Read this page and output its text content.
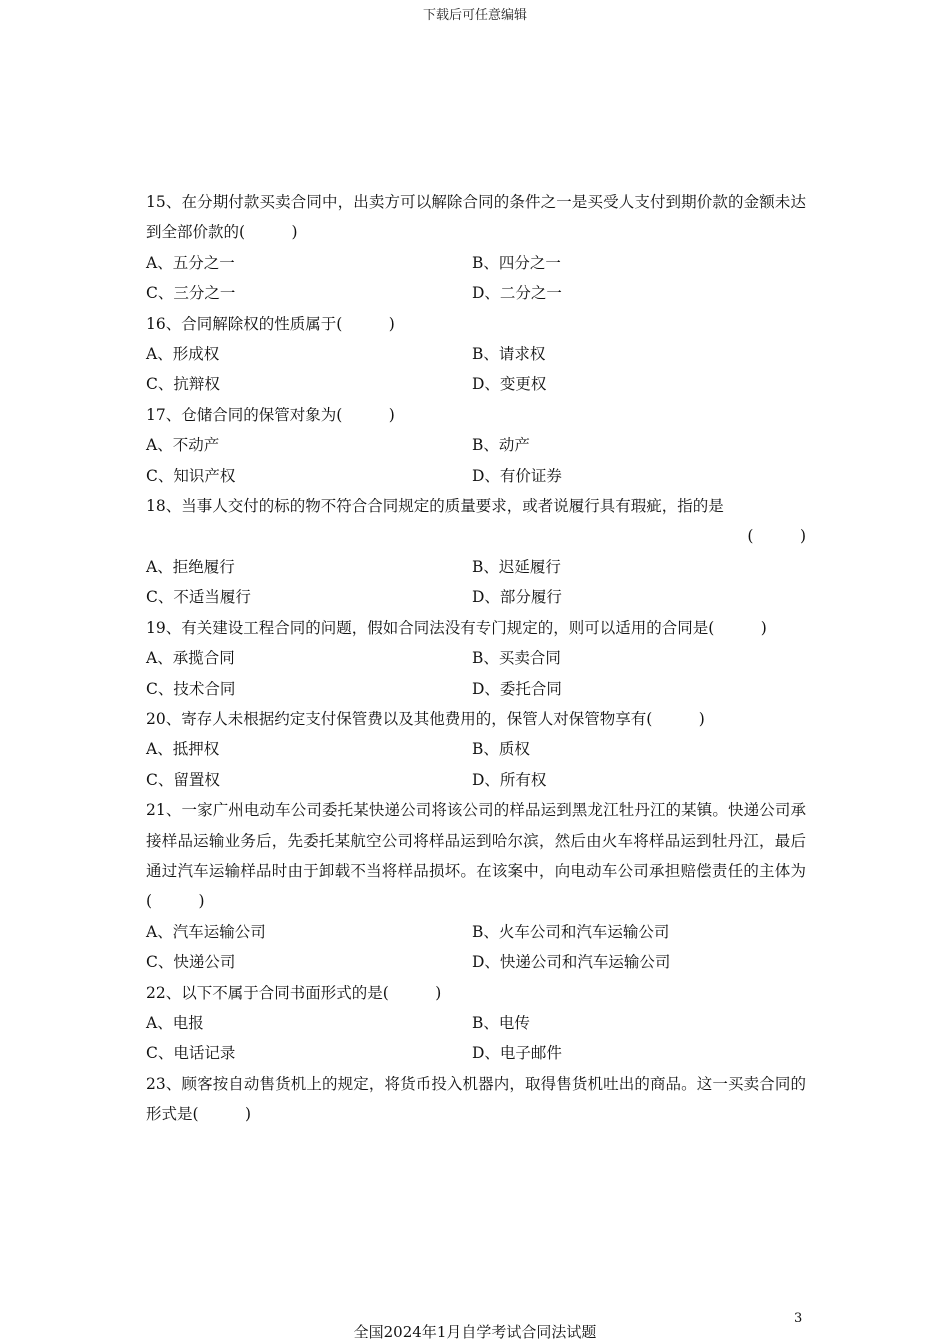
下载后可任意编辑
15、在分期付款买卖合同中，出卖方可以解除合同的条件之一是买受人支付到期价款的金额未达到全部价款的(　　　)
A、五分之一	B、四分之一
C、三分之一	D、二分之一
16、合同解除权的性质属于(　　　)
A、形成权	B、请求权
C、抗辩权	D、变更权
17、仓储合同的保管对象为(　　　)
A、不动产	B、动产
C、知识产权	D、有价证券
18、当事人交付的标的物不符合合同规定的质量要求，或者说履行具有瑕疵，指的是
(　　　)
A、拒绝履行	B、迟延履行
C、不适当履行	D、部分履行
19、有关建设工程合同的问题，假如合同法没有专门规定的，则可以适用的合同是(　　　)
A、承揽合同	B、买卖合同
C、技术合同	D、委托合同
20、寄存人未根据约定支付保管费以及其他费用的，保管人对保管物享有(　　　)
A、抵押权	B、质权
C、留置权	D、所有权
21、一家广州电动车公司委托某快递公司将该公司的样品运到黑龙江牡丹江的某镇。快递公司承接样品运输业务后，先委托某航空公司将样品运到哈尔滨，然后由火车将样品运到牡丹江，最后通过汽车运输样品时由于卸载不当将样品损坏。在该案中，向电动车公司承担赔偿责任的主体为(　　　)
A、汽车运输公司	B、火车公司和汽车运输公司
C、快递公司	D、快递公司和汽车运输公司
22、以下不属于合同书面形式的是(　　　)
A、电报	B、电传
C、电话记录	D、电子邮件
23、顾客按自动售货机上的规定，将货币投入机器内，取得售货机吐出的商品。这一买卖合同的形式是(　　　)
3
全国2024年1月自学考试合同法试题
